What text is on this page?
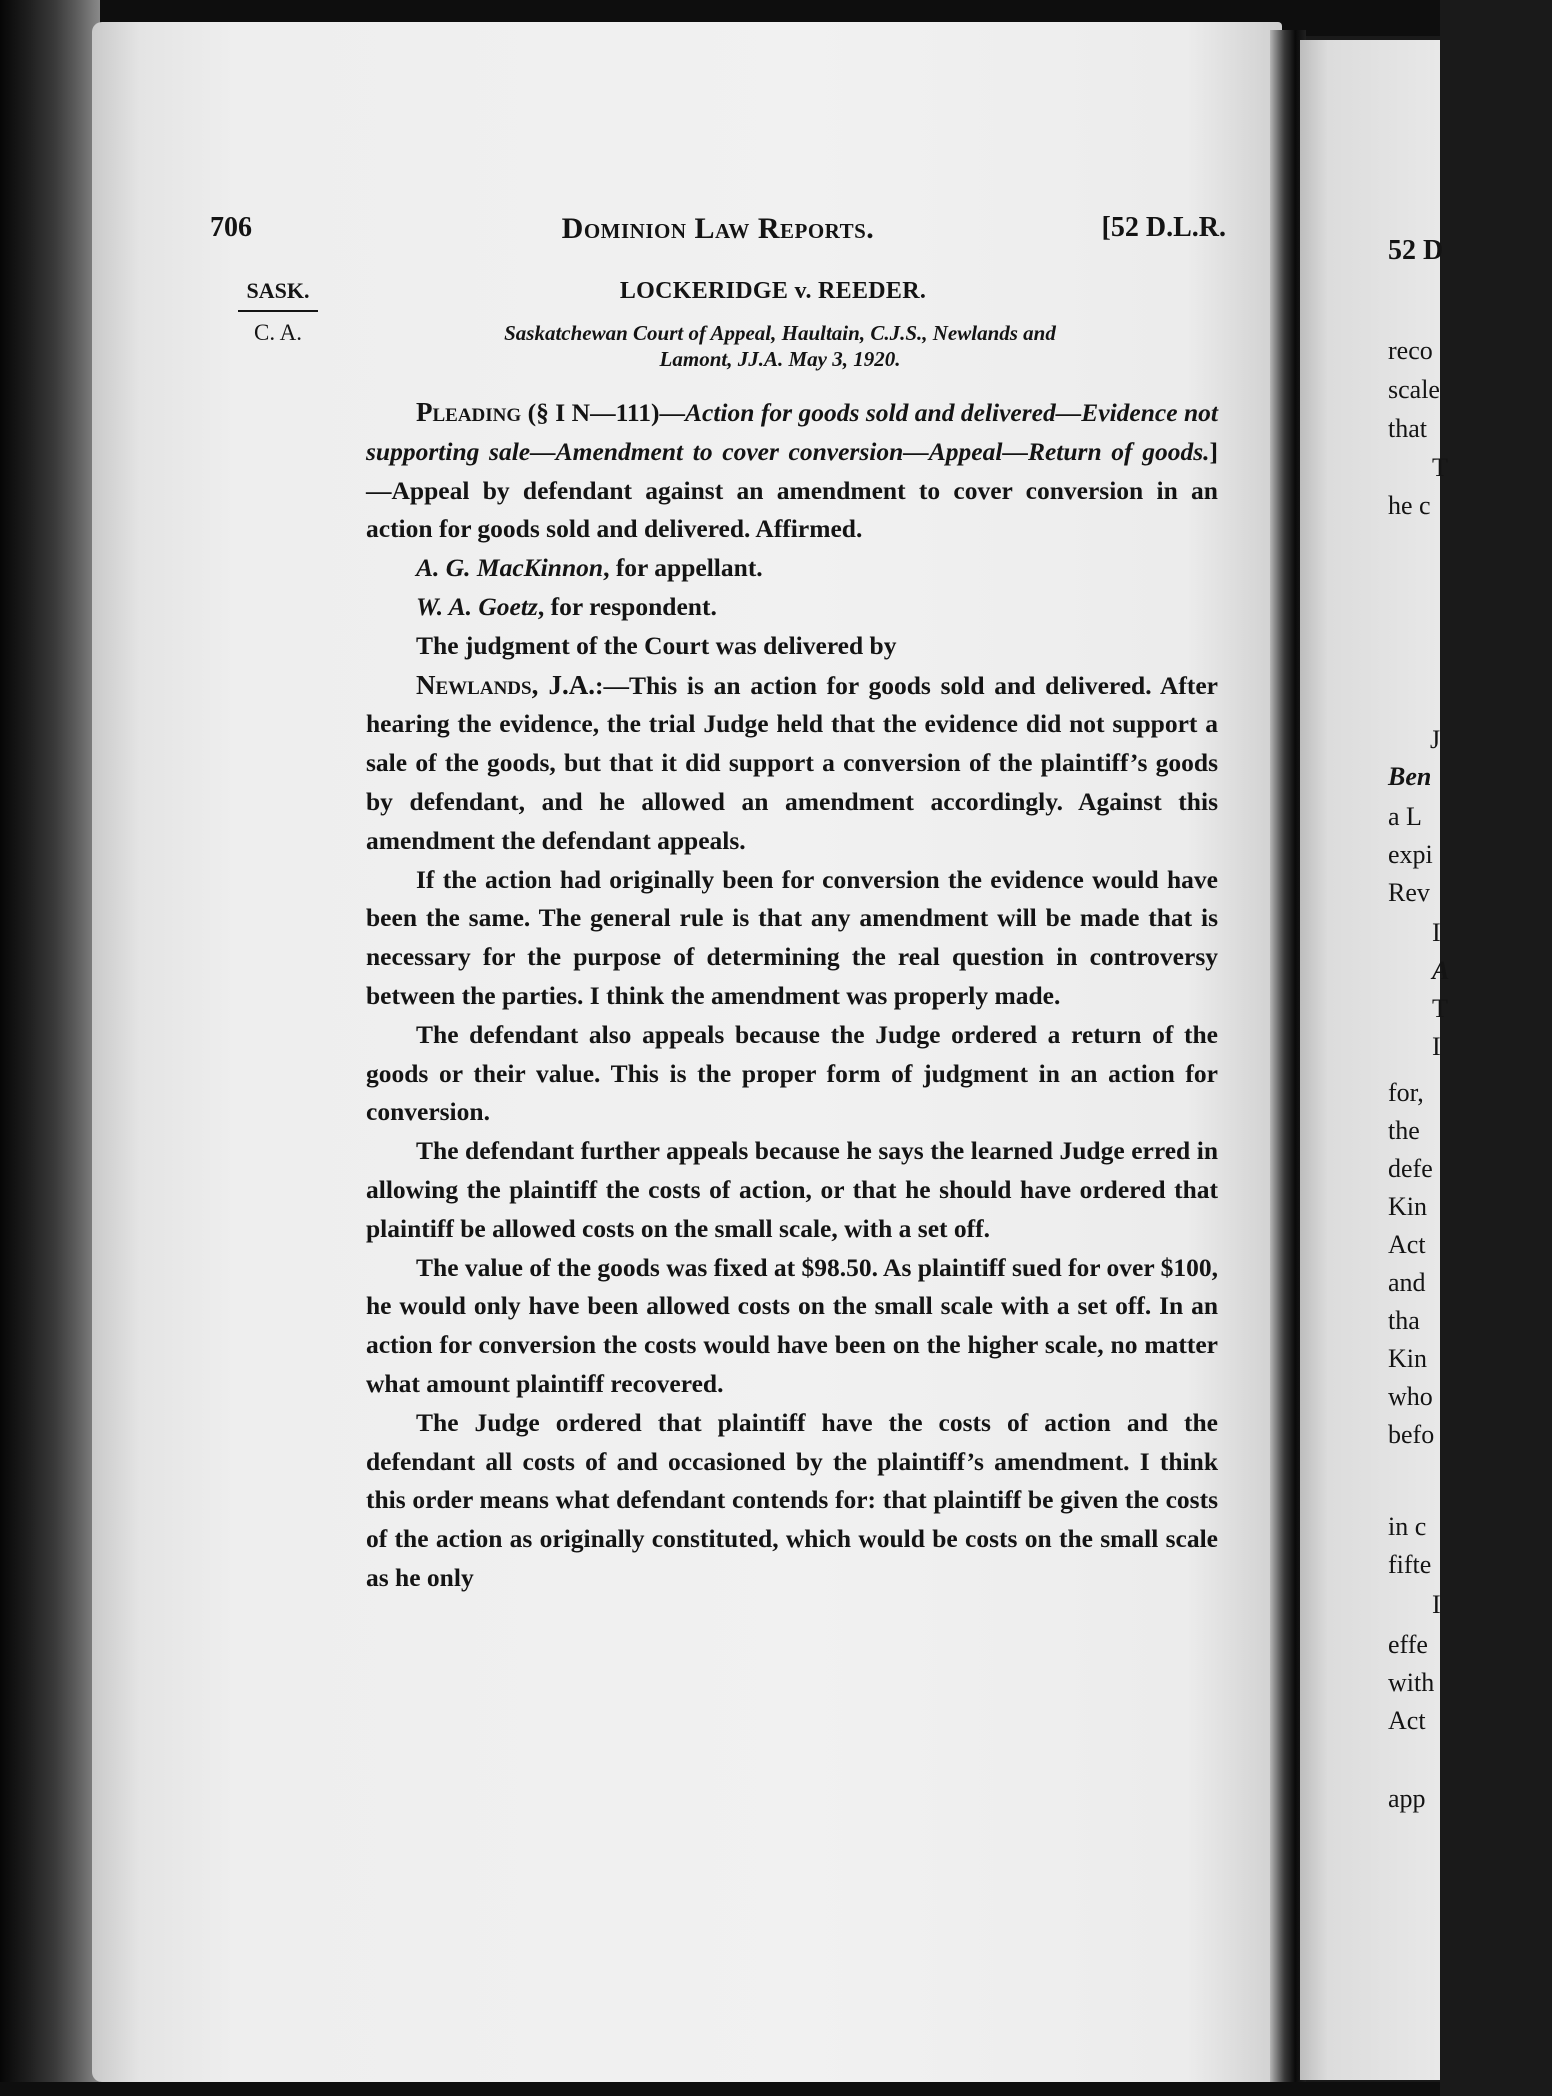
52 D
reco
scale
that
T
he c
J
Ben
a L
expi
Rev
I
A
T
I
for,
the
defe
Kin
Act
and
tha
Kin
who
befo
in c
fifte
I
effe
with
Act
app
706	Dominion Law Reports.	[52 D.L.R.
SASK.
C. A.
LOCKERIDGE v. REEDER.
Saskatchewan Court of Appeal, Haultain, C.J.S., Newlands and
Lamont, JJ.A. May 3, 1920.

Pleading (§ I N—111)—Action for goods sold and delivered—Evidence not supporting sale—Amendment to cover conversion—Appeal—Return of goods.]—Appeal by defendant against an amendment to cover conversion in an action for goods sold and delivered. Affirmed.

A. G. MacKinnon, for appellant.

W. A. Goetz, for respondent.

The judgment of the Court was delivered by

Newlands, J.A.:—This is an action for goods sold and delivered. After hearing the evidence, the trial Judge held that the evidence did not support a sale of the goods, but that it did support a conversion of the plaintiff’s goods by defendant, and he allowed an amendment accordingly. Against this amendment the defendant appeals.

If the action had originally been for conversion the evidence would have been the same. The general rule is that any amendment will be made that is necessary for the purpose of determining the real question in controversy between the parties. I think the amendment was properly made.

The defendant also appeals because the Judge ordered a return of the goods or their value. This is the proper form of judgment in an action for conversion.

The defendant further appeals because he says the learned Judge erred in allowing the plaintiff the costs of action, or that he should have ordered that plaintiff be allowed costs on the small scale, with a set off.

The value of the goods was fixed at $98.50. As plaintiff sued for over $100, he would only have been allowed costs on the small scale with a set off. In an action for conversion the costs would have been on the higher scale, no matter what amount plaintiff recovered.

The Judge ordered that plaintiff have the costs of action and the defendant all costs of and occasioned by the plaintiff’s amendment. I think this order means what defendant contends for: that plaintiff be given the costs of the action as originally constituted, which would be costs on the small scale as he only
